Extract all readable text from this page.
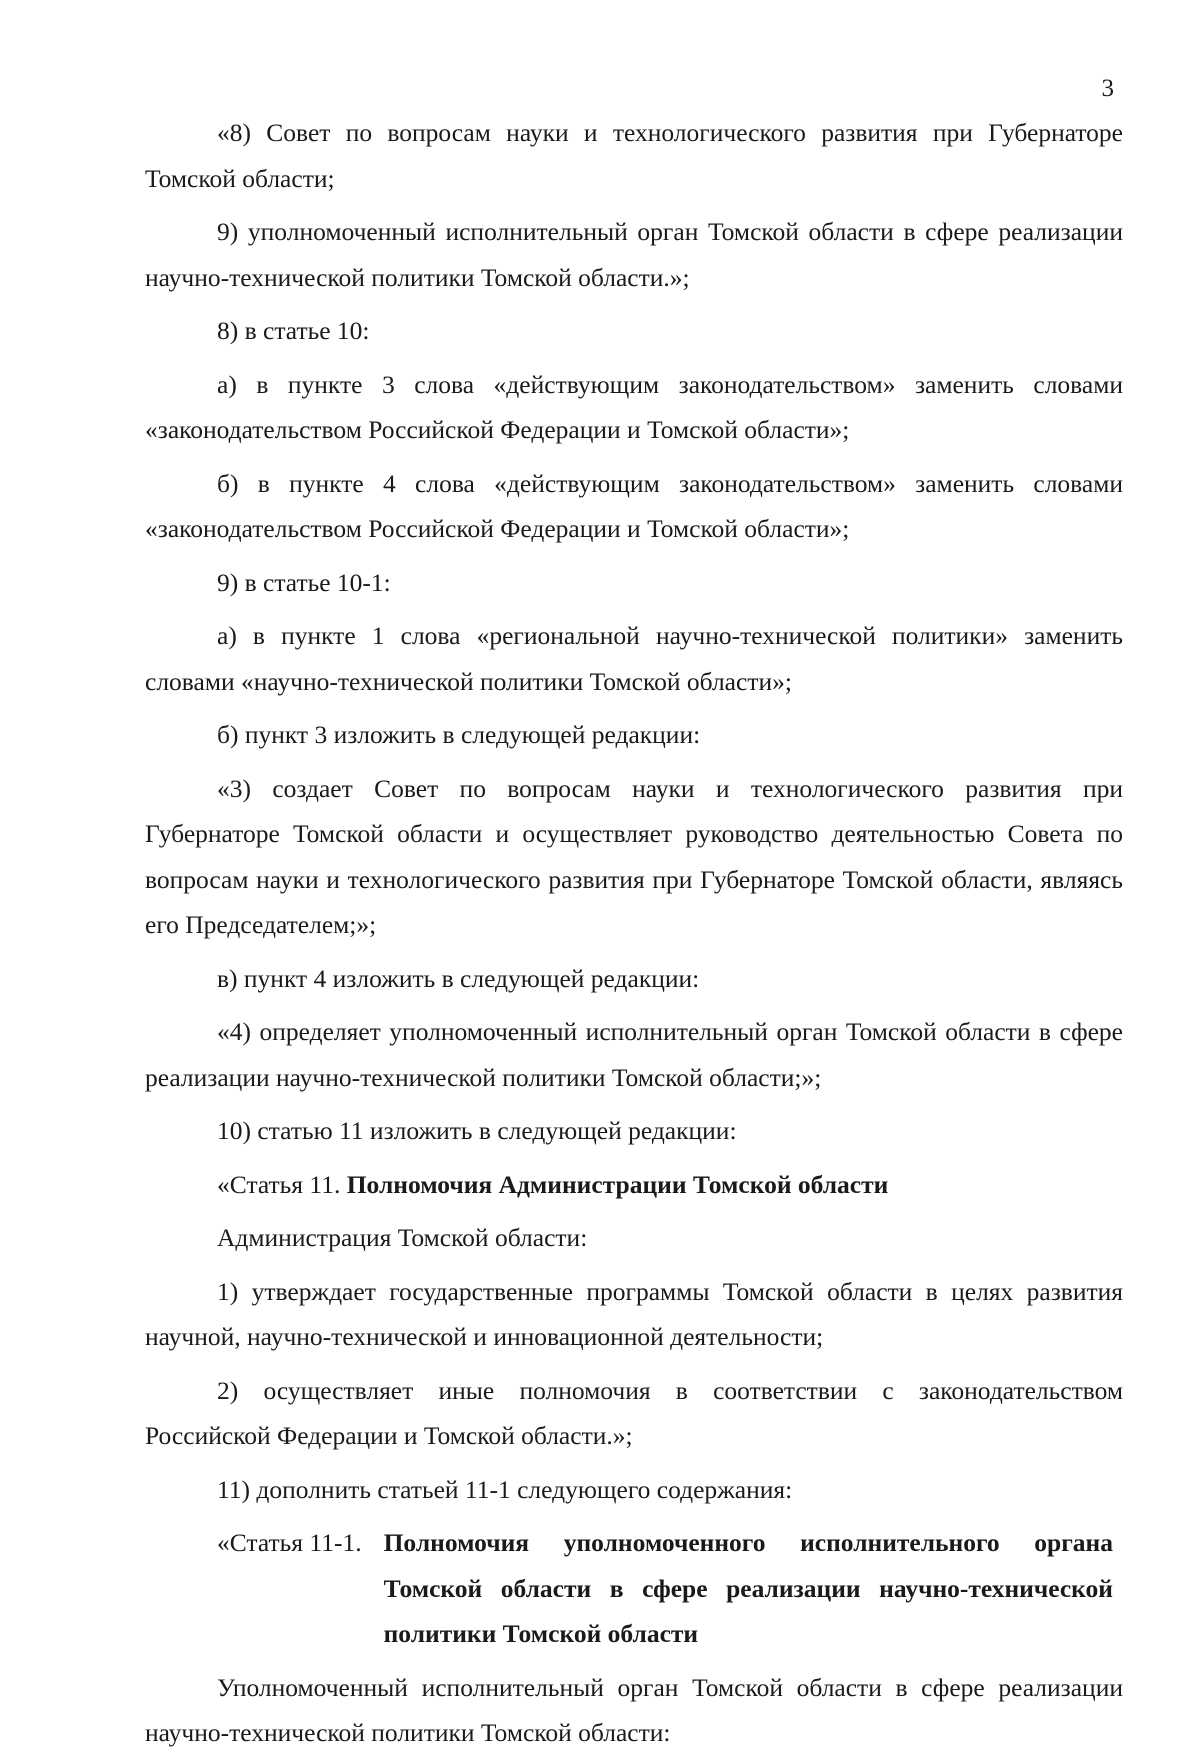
3

«8) Совет по вопросам науки и технологического развития при Губернаторе Томской области;

9) уполномоченный исполнительный орган Томской области в сфере реализации научно-технической политики Томской области.»;

8) в статье 10:

а) в пункте 3 слова «действующим законодательством» заменить словами «законодательством Российской Федерации и Томской области»;

б) в пункте 4 слова «действующим законодательством» заменить словами «законодательством Российской Федерации и Томской области»;

9) в статье 10-1:

а) в пункте 1 слова «региональной научно-технической политики» заменить словами «научно-технической политики Томской области»;

б) пункт 3 изложить в следующей редакции:

«3) создает Совет по вопросам науки и технологического развития при Губернаторе Томской области и осуществляет руководство деятельностью Совета по вопросам науки и технологического развития при Губернаторе Томской области, являясь его Председателем;»;

в) пункт 4 изложить в следующей редакции:

«4) определяет уполномоченный исполнительный орган Томской области в сфере реализации научно-технической политики Томской области;»;

10) статью 11 изложить в следующей редакции:

«Статья 11. Полномочия Администрации Томской области

Администрация Томской области:

1) утверждает государственные программы Томской области в целях развития научной, научно-технической и инновационной деятельности;

2) осуществляет иные полномочия в соответствии с законодательством Российской Федерации и Томской области.»;

11) дополнить статьей 11-1 следующего содержания:

«Статья 11-1. Полномочия уполномоченного исполнительного органа Томской области в сфере реализации научно-технической политики Томской области

Уполномоченный исполнительный орган Томской области в сфере реализации научно-технической политики Томской области:
